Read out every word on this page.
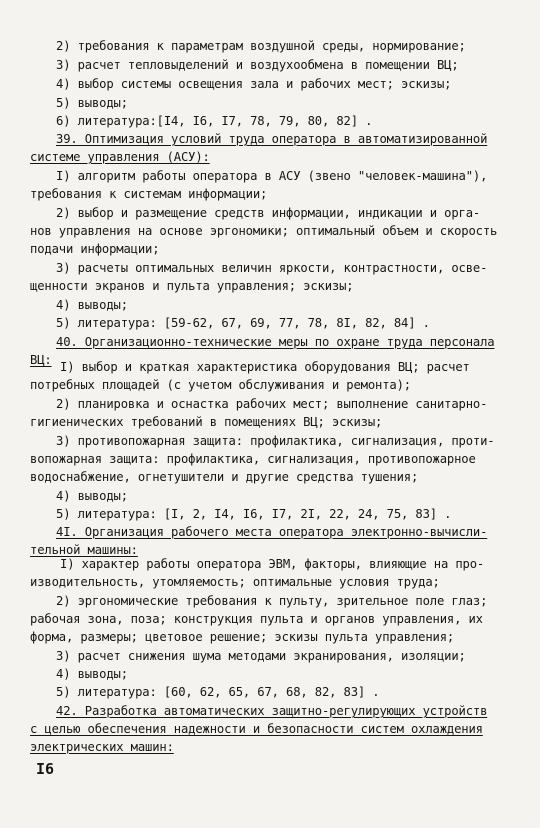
2) требования к параметрам воздушной среды, нормирование;
3) расчет тепловыделений и воздухообмена в помещении ВЦ;
4) выбор системы освещения зала и рабочих мест; эскизы;
5) выводы;
6) литература:[I4, I6, I7, 78, 79, 80, 82] .
39. Оптимизация условий труда оператора в автоматизированной
системе управления (АСУ):
I) алгоритм работы оператора в АСУ (звено "человек-машина"),
требования к системам информации;
2) выбор и размещение средств информации, индикации и орга-
нов управления на основе эргономики; оптимальный объем и скорость
подачи информации;
3) расчеты оптимальных величин яркости, контрастности, осве-
щенности экранов и пульта управления; эскизы;
4) выводы;
5) литература: [59-62, 67, 69, 77, 78, 8I, 82, 84] .
40. Организационно-технические меры по охране труда персонала
ВЦ: I) выбор и краткая характеристика оборудования ВЦ; расчет
потребных площадей (с учетом обслуживания и ремонта);
2) планировка и оснастка рабочих мест; выполнение санитарно-
гигиенических требований в помещениях ВЦ; эскизы;
3) противопожарная защита: профилактика, сигнализация, проти-
вопожарная защита: профилактика, сигнализация, противопожарное
водоснабжение, огнетушители и другие средства тушения;
4) выводы;
5) литература: [I, 2, I4, I6, I7, 2I, 22, 24, 75, 83] .
4I. Организация рабочего места оператора электронно-вычисли-
тельной машины:
I) характер работы оператора ЭВМ, факторы, влияющие на про-
изводительность, утомляемость; оптимальные условия труда;
2) эргономические требования к пульту, зрительное поле глаз;
рабочая зона, поза; конструкция пульта и органов управления, их
форма, размеры; цветовое решение; эскизы пульта управления;
3) расчет снижения шума методами экранирования, изоляции;
4) выводы;
5) литература: [60, 62, 65, 67, 68, 82, 83] .
42. Разработка автоматических защитно-регулирующих устройств
с целью обеспечения надежности и безопасности систем охлаждения
электрических машин:
I6
